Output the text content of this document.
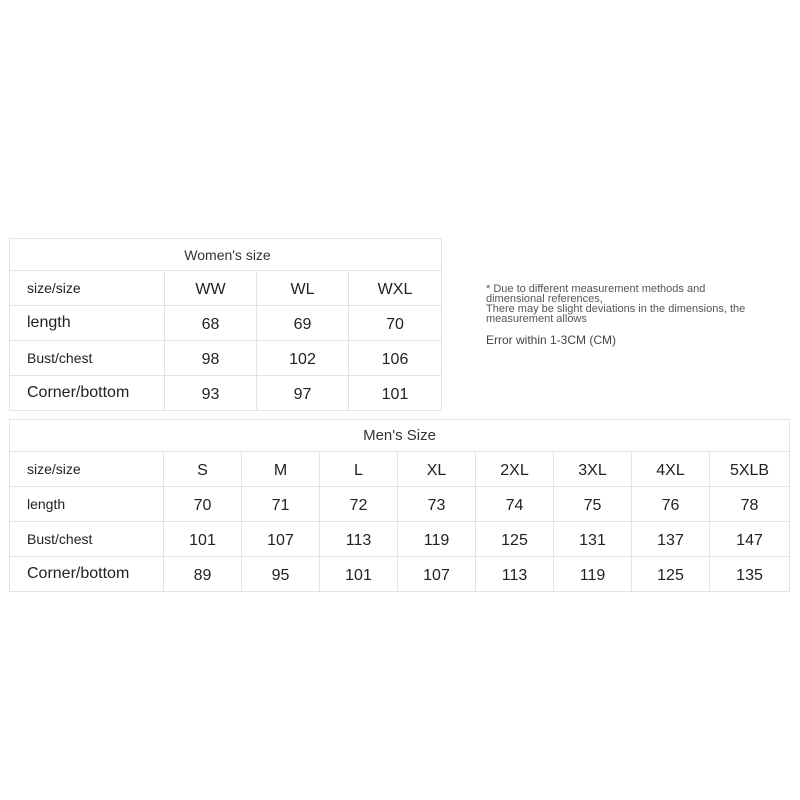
Women's size			
size/size	WW	WL	WXL
length	68	69	70
Bust/chest	98	102	106
Corner/bottom	93	97	101
* Due to different measurement methods and
dimensional references,
There may be slight deviations in the dimensions, the
measurement allows
Error within 1-3CM (CM)
Men's Size								
size/size	S	M	L	XL	2XL	3XL	4XL	5XLB
length	70	71	72	73	74	75	76	78
Bust/chest	101	107	113	119	125	131	137	147
Corner/bottom	89	95	101	107	113	119	125	135
